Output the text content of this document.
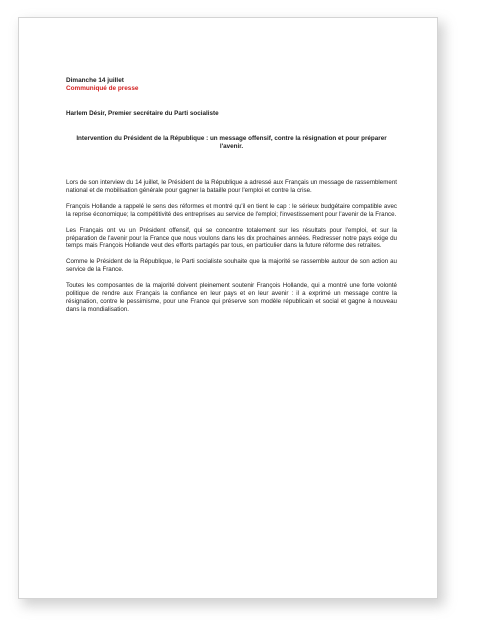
Dimanche 14 juillet

Communiqué de presse

Harlem Désir, Premier secrétaire du Parti socialiste

Intervention du Président de la République : un message offensif, contre la résignation et pour préparer l'avenir.

Lors de son interview du 14 juillet, le Président de la République a adressé aux Français un message de rassemblement national et de mobilisation générale pour gagner la bataille pour l'emploi et contre la crise.

François Hollande a rappelé le sens des réformes et montré qu'il en tient le cap : le sérieux budgétaire compatible avec la reprise économique; la compétitivité des entreprises au service de l'emploi; l'investissement pour l'avenir de la France.

Les Français ont vu un Président offensif, qui se concentre totalement sur les résultats pour l'emploi, et sur la préparation de l'avenir pour la France que nous voulons dans les dix prochaines années. Redresser notre pays exige du temps mais François Hollande veut des efforts partagés par tous, en particulier dans la future réforme des retraites.

Comme le Président de la République, le Parti socialiste souhaite que la majorité se rassemble autour de son action au service de la France.

Toutes les composantes de la majorité doivent pleinement soutenir François Hollande, qui a montré une forte volonté politique de rendre aux Français la confiance en leur pays et en leur avenir : il a exprimé un message contre la résignation, contre le pessimisme, pour une France qui préserve son modèle républicain et social et gagne à nouveau dans la mondialisation.
